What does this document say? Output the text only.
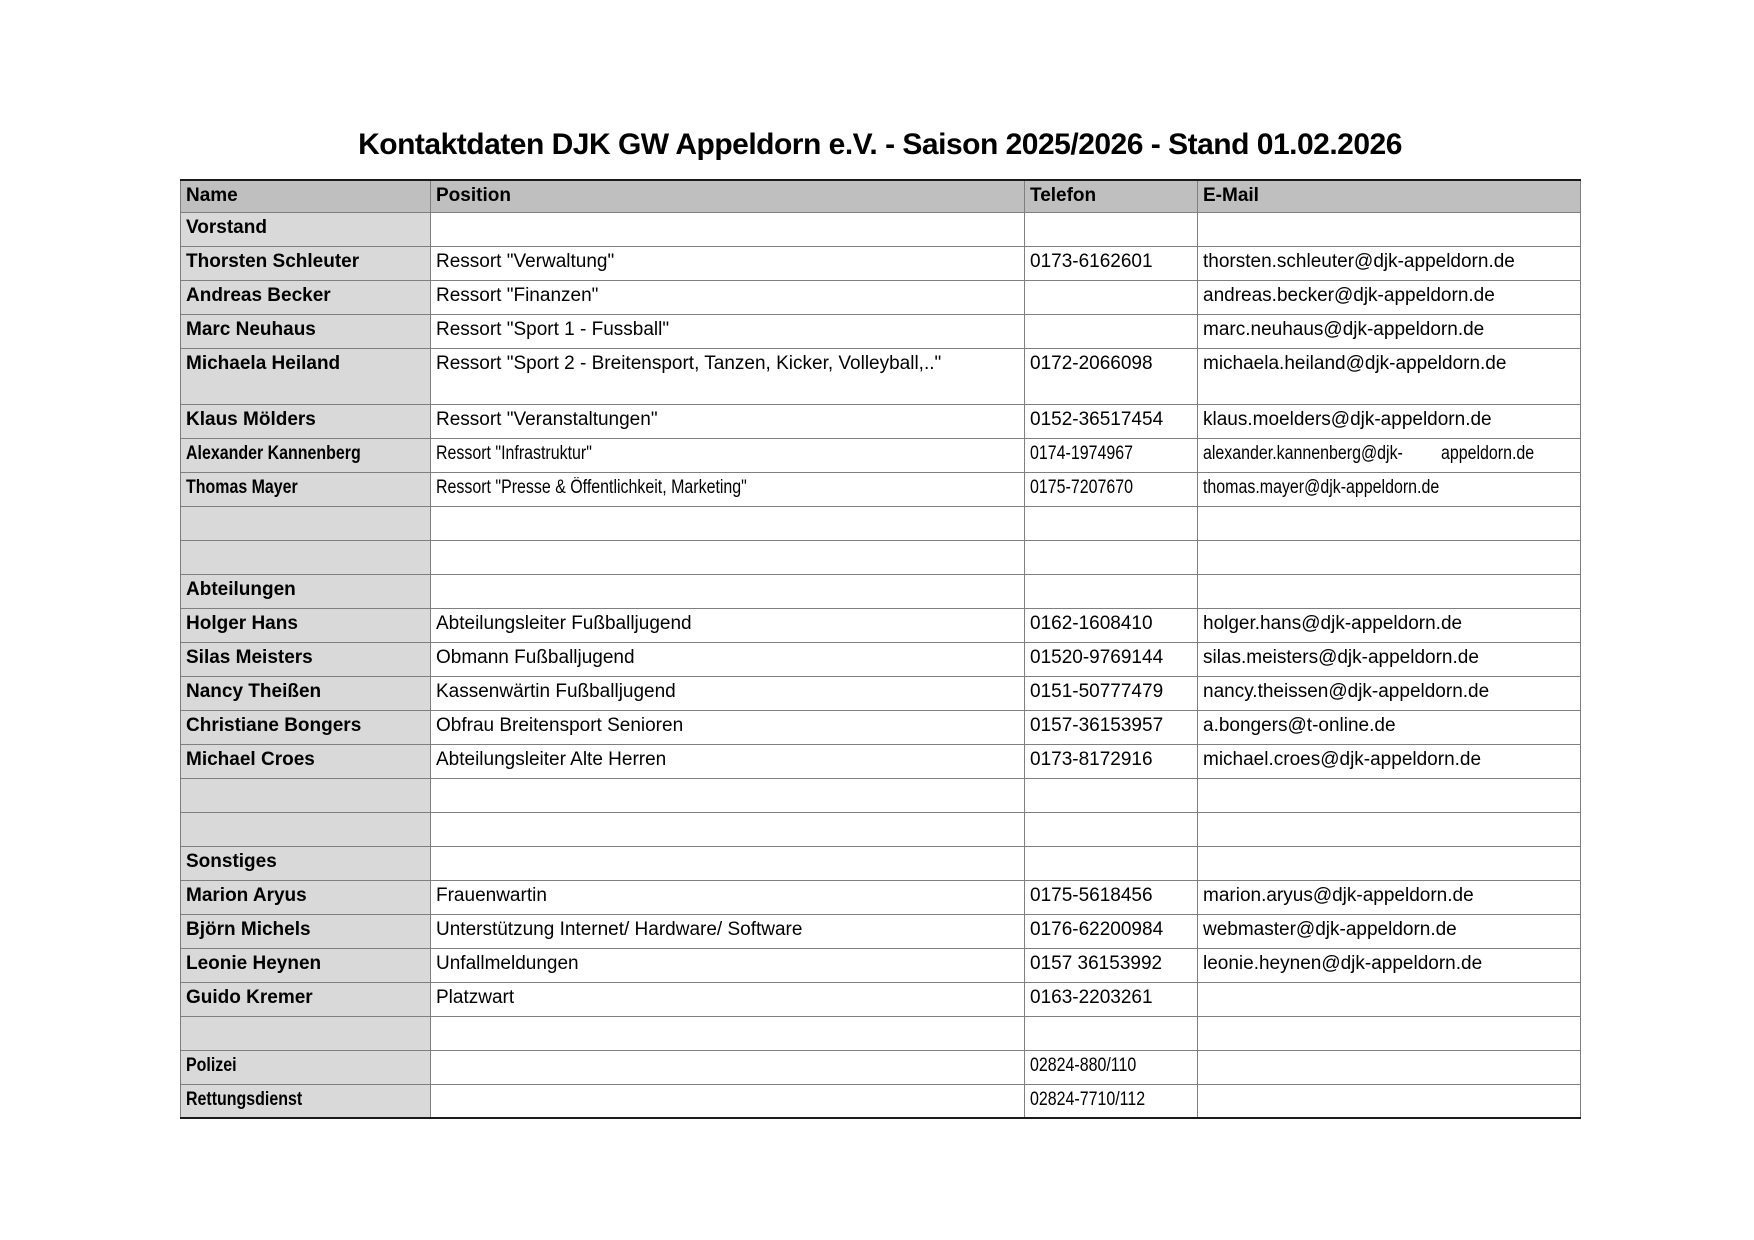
Kontaktdaten DJK GW Appeldorn e.V. - Saison 2025/2026 - Stand 01.02.2026
Name	Position	Telefon	E-Mail

Vorstand			

Thorsten Schleuter	Ressort "Verwaltung"	0173-6162601	thorsten.schleuter@djk-appeldorn.de

Andreas Becker	Ressort "Finanzen"		andreas.becker@djk-appeldorn.de

Marc Neuhaus	Ressort "Sport 1 - Fussball"		marc.neuhaus@djk-appeldorn.de

Michaela Heiland	Ressort "Sport 2 - Breitensport, Tanzen, Kicker, Volleyball,.."	0172-2066098	michaela.heiland@djk-appeldorn.de

Klaus Mölders	Ressort "Veranstaltungen"	0152-36517454	klaus.moelders@djk-appeldorn.de

Alexander Kannenberg	Ressort "Infrastruktur"	0174-1974967	alexander.kannenberg@djk- appeldorn.de

Thomas Mayer	Ressort "Presse & Öffentlichkeit, Marketing"	0175-7207670	thomas.mayer@djk-appeldorn.de

Abteilungen			

Holger Hans	Abteilungsleiter Fußballjugend	0162-1608410	holger.hans@djk-appeldorn.de

Silas Meisters	Obmann Fußballjugend	01520-9769144	silas.meisters@djk-appeldorn.de

Nancy Theißen	Kassenwärtin Fußballjugend	0151-50777479	nancy.theissen@djk-appeldorn.de

Christiane Bongers	Obfrau Breitensport Senioren	0157-36153957	a.bongers@t-online.de

Michael Croes	Abteilungsleiter Alte Herren	0173-8172916	michael.croes@djk-appeldorn.de

Sonstiges			

Marion Aryus	Frauenwartin	0175-5618456	marion.aryus@djk-appeldorn.de

Björn Michels	Unterstützung Internet/ Hardware/ Software	0176-62200984	webmaster@djk-appeldorn.de

Leonie Heynen	Unfallmeldungen	0157 36153992	leonie.heynen@djk-appeldorn.de

Guido Kremer	Platzwart	0163-2203261	

Polizei		02824-880/110	

Rettungsdienst		02824-7710/112	
